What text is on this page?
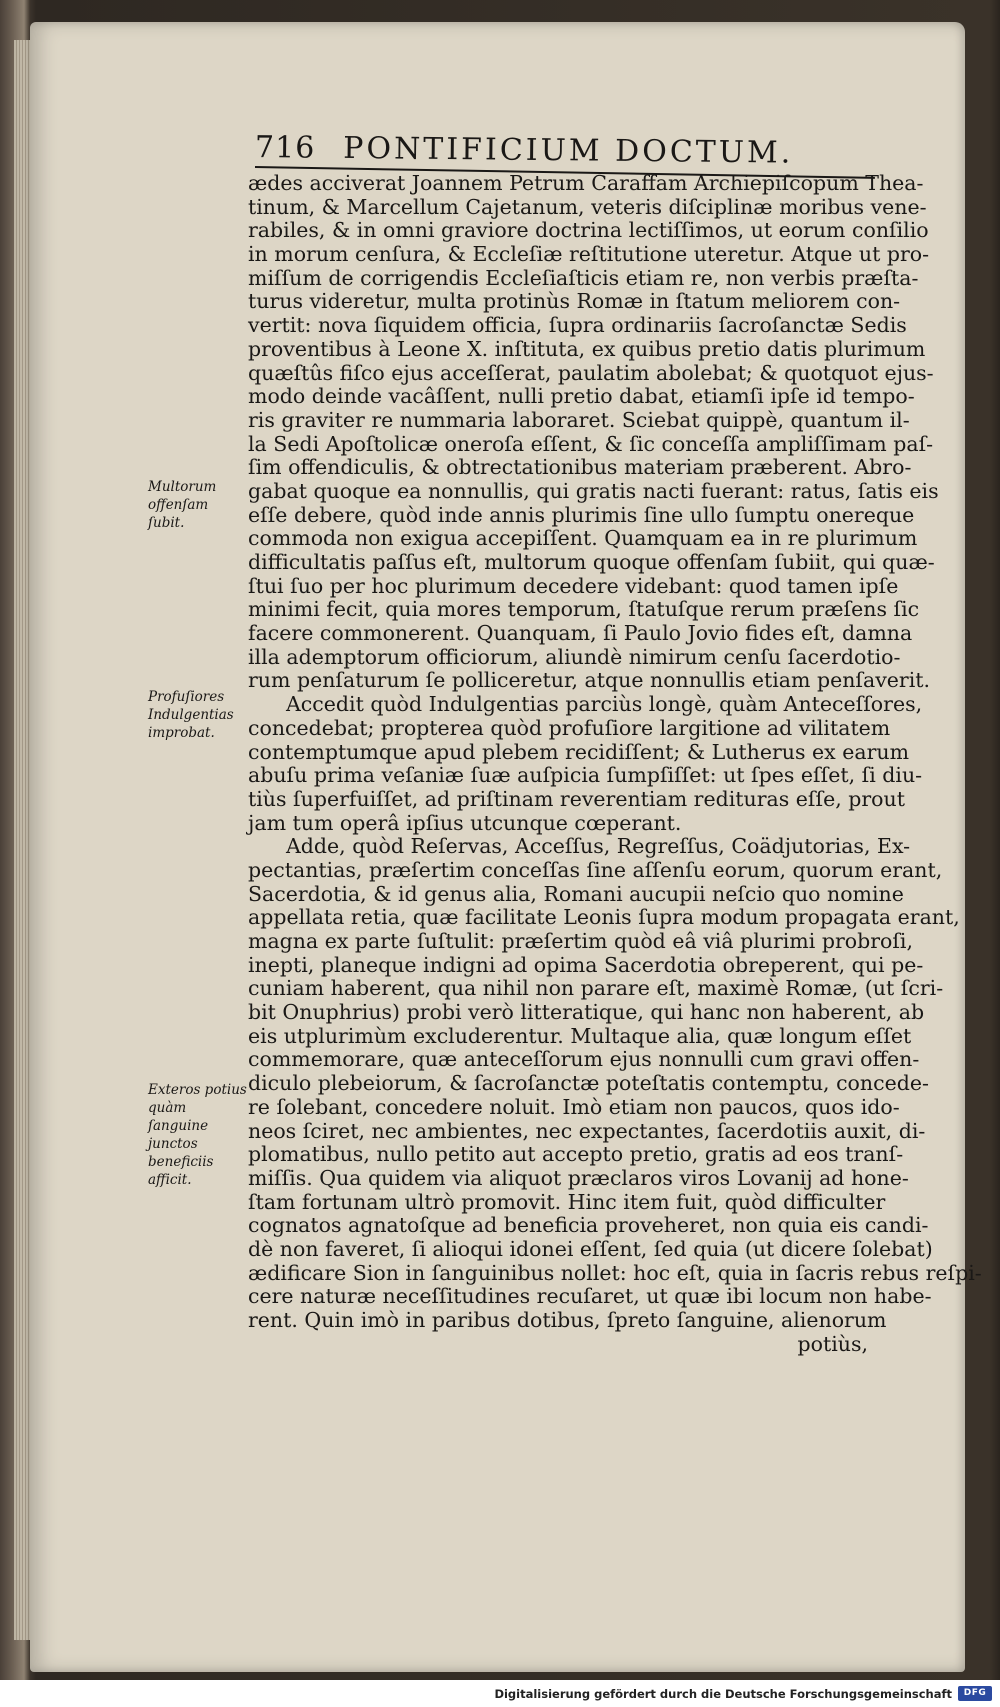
716 PONTIFICIUM DOCTUM.
ædes acciverat Joannem Petrum Caraffam Archiepiſcopum Thea-
tinum, & Marcellum Cajetanum, veteris diſciplinæ moribus vene-
rabiles, & in omni graviore doctrina lectiſſimos, ut eorum conſilio
in morum cenſura, & Eccleſiæ reſtitutione uteretur. Atque ut pro-
miſſum de corrigendis Eccleſiaſticis etiam re, non verbis præſta-
turus videretur, multa protinùs Romæ in ſtatum meliorem con-
vertit: nova ſiquidem officia, ſupra ordinariis ſacroſanctæ Sedis
proventibus à Leone X. inſtituta, ex quibus pretio datis plurimum
quæſtûs fiſco ejus acceſſerat, paulatim abolebat; & quotquot ejus-
modo deinde vacâſſent, nulli pretio dabat, etiamſi ipſe id tempo-
ris graviter re nummaria laboraret. Sciebat quippè, quantum il-
la Sedi Apoſtolicæ oneroſa eſſent, & ſic conceſſa ampliſſimam paſ-
ſim offendiculis, & obtrectationibus materiam præberent. Abro-
gabat quoque ea nonnullis, qui gratis nacti fuerant: ratus, ſatis eis
eſſe debere, quòd inde annis plurimis ſine ullo ſumptu onereque
commoda non exigua accepiſſent. Quamquam ea in re plurimum
difficultatis paſſus eſt, multorum quoque offenſam ſubiit, qui quæ-
ſtui ſuo per hoc plurimum decedere videbant: quod tamen ipſe
minimi fecit, quia mores temporum, ſtatuſque rerum præſens ſic
facere commonerent. Quanquam, ſi Paulo Jovio fides eſt, damna
illa ademptorum officiorum, aliundè nimirum cenſu ſacerdotio-
rum penſaturum ſe polliceretur, atque nonnullis etiam penſaverit.
Accedit quòd Indulgentias parciùs longè, quàm Anteceſſores,
concedebat; propterea quòd profuſiore largitione ad vilitatem
contemptumque apud plebem recidiſſent; & Lutherus ex earum
abuſu prima veſaniæ ſuæ auſpicia ſumpſiſſet: ut ſpes eſſet, ſi diu-
tiùs ſuperfuiſſet, ad priſtinam reverentiam redituras eſſe, prout
jam tum operâ ipſius utcunque cœperant.
Adde, quòd Reſervas, Acceſſus, Regreſſus, Coädjutorias, Ex-
pectantias, præſertim conceſſas ſine aſſenſu eorum, quorum erant,
Sacerdotia, & id genus alia, Romani aucupii neſcio quo nomine
appellata retia, quæ facilitate Leonis ſupra modum propagata erant,
magna ex parte ſuſtulit: præſertim quòd eâ viâ plurimi probroſi,
inepti, planeque indigni ad opima Sacerdotia obreperent, qui pe-
cuniam haberent, qua nihil non parare eſt, maximè Romæ, (ut ſcri-
bit Onuphrius) probi verò litteratique, qui hanc non haberent, ab
eis utplurimùm excluderentur. Multaque alia, quæ longum eſſet
commemorare, quæ anteceſſorum ejus nonnulli cum gravi offen-
diculo plebeiorum, & ſacroſanctæ poteſtatis contemptu, concede-
re ſolebant, concedere noluit. Imò etiam non paucos, quos ido-
neos ſciret, nec ambientes, nec expectantes, ſacerdotiis auxit, di-
plomatibus, nullo petito aut accepto pretio, gratis ad eos tranſ-
miſſis. Qua quidem via aliquot præclaros viros Lovanij ad hone-
ſtam fortunam ultrò promovit. Hinc item fuit, quòd difficulter
cognatos agnatoſque ad beneficia proveheret, non quia eis candi-
dè non faveret, ſi alioqui idonei eſſent, ſed quia (ut dicere ſolebat)
ædificare Sion in ſanguinibus nollet: hoc eſt, quia in ſacris rebus reſpi-
cere naturæ neceſſitudines recuſaret, ut quæ ibi locum non habe-
rent. Quin imò in paribus dotibus, ſpreto ſanguine, alienorum
potiùs,
Multorum offenſam ſubit.
Profuſiores Indulgentias improbat.
Exteros potius quàm ſanguine junctos beneficiis afficit.
Digitalisierung gefördert durch die Deutsche Forschungsgemeinschaft	DFG
